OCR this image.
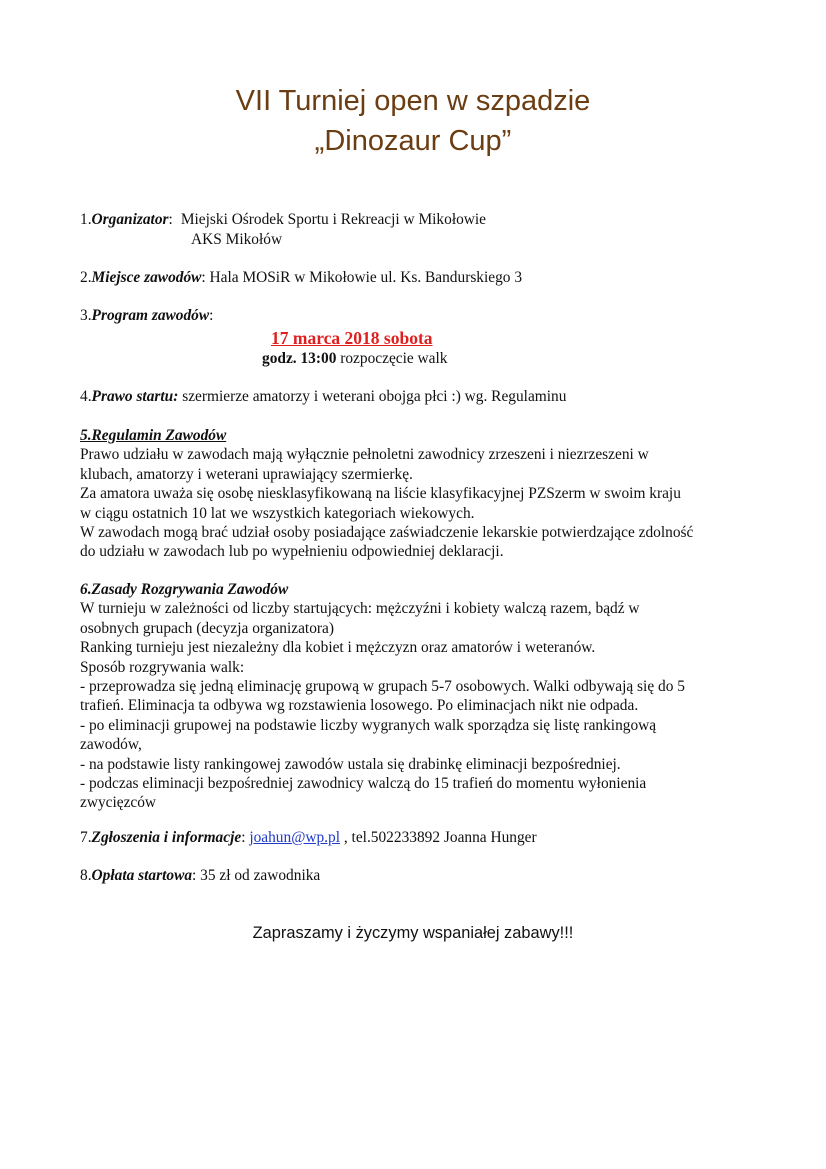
VII Turniej open w szpadzie
„Dinozaur Cup”
1.Organizator: Miejski Ośrodek Sportu i Rekreacji w Mikołowie
AKS Mikołów
2.Miejsce zawodów: Hala MOSiR w Mikołowie ul. Ks. Bandurskiego 3
3.Program zawodów:
17 marca 2018 sobota
godz. 13:00 rozpoczęcie walk
4.Prawo startu: szermierze amatorzy i weterani obojga płci :) wg. Regulaminu
5.Regulamin Zawodów
Prawo udziału w zawodach mają wyłącznie pełnoletni zawodnicy zrzeszeni i niezrzeszeni w
klubach, amatorzy i weterani uprawiający szermierkę.
Za amatora uważa się osobę niesklasyfikowaną na liście klasyfikacyjnej PZSzerm w swoim kraju
w ciągu ostatnich 10 lat we wszystkich kategoriach wiekowych.
W zawodach mogą brać udział osoby posiadające zaświadczenie lekarskie potwierdzające zdolność
do udziału w zawodach lub po wypełnieniu odpowiedniej deklaracji.
6.Zasady Rozgrywania Zawodów
W turnieju w zależności od liczby startujących: mężczyźni i kobiety walczą razem, bądź w
osobnych grupach (decyzja organizatora)
Ranking turnieju jest niezależny dla kobiet i mężczyzn oraz amatorów i weteranów.
Sposób rozgrywania walk:
- przeprowadza się jedną eliminację grupową w grupach 5-7 osobowych. Walki odbywają się do 5
trafień. Eliminacja ta odbywa wg rozstawienia losowego. Po eliminacjach nikt nie odpada.
- po eliminacji grupowej na podstawie liczby wygranych walk sporządza się listę rankingową
zawodów,
- na podstawie listy rankingowej zawodów ustala się drabinkę eliminacji bezpośredniej.
- podczas eliminacji bezpośredniej zawodnicy walczą do 15 trafień do momentu wyłonienia
zwycięzców
7.Zgłoszenia i informacje: joahun@wp.pl , tel.502233892 Joanna Hunger
8.Opłata startowa: 35 zł od zawodnika
Zapraszamy i życzymy wspaniałej zabawy!!!
